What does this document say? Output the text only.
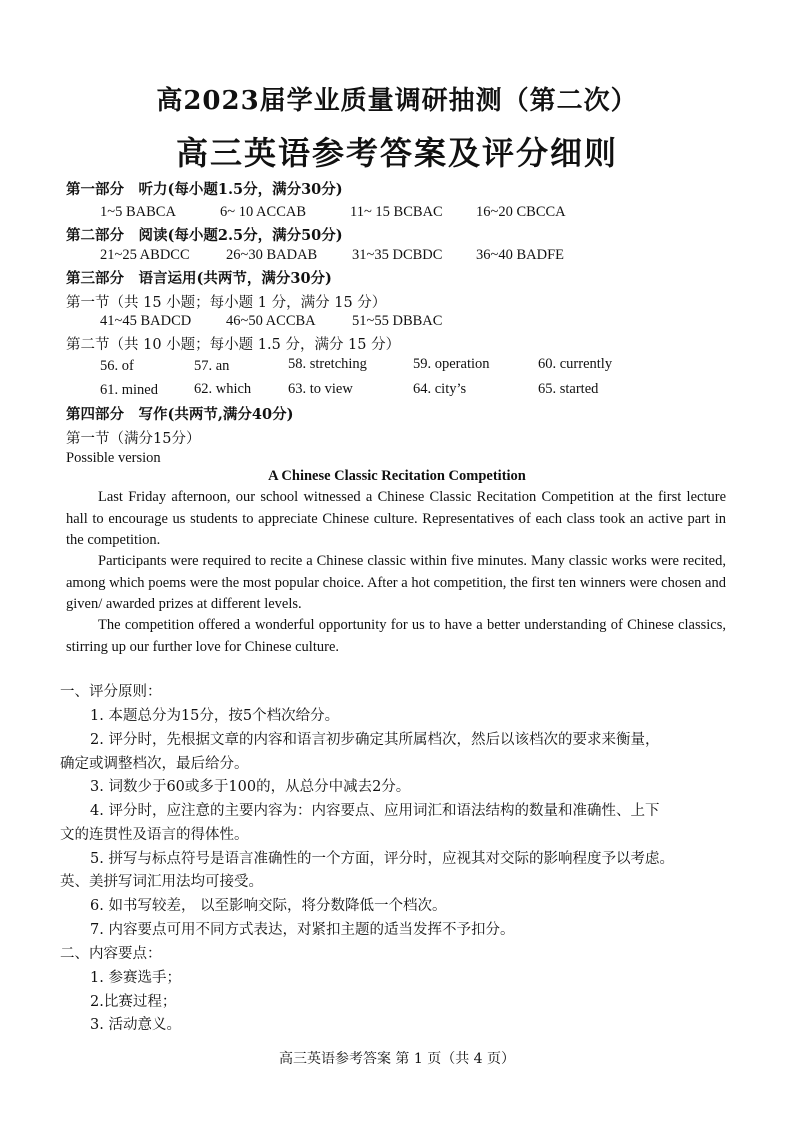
高2023届学业质量调研抽测（第二次）
高三英语参考答案及评分细则
第一部分　听力(每小题1.5分，满分30分)
1~5 BABCA	6~ 10 ACCAB	11~ 15 BCBAC 16~20 CBCCA
第二部分　阅读(每小题2.5分，满分50分)
21~25 ABDCC	26~30 BADAB 31~35 DCBDC 36~40 BADFE
第三部分　语言运用(共两节，满分30分)
第一节（共 15 小题；每小题 1 分，满分 15 分）
41~45 BADCD 46~50 ACCBA	51~55 DBBAC
第二节（共 10 小题；每小题 1.5 分，满分 15 分）
56. of	57. an	58. stretching	59. operation	60. currently
61. mined 62. which	63. to view	64. city’s	65. started
第四部分　写作(共两节,满分40分)
第一节（满分15分）
Possible version
A Chinese Classic Recitation Competition
Last Friday afternoon, our school witnessed a Chinese Classic Recitation Competition at the first lecture hall to encourage us students to appreciate Chinese culture. Representatives of each class took an active part in the competition.
Participants were required to recite a Chinese classic within five minutes. Many classic works were recited, among which poems were the most popular choice. After a hot competition, the first ten winners were chosen and given/ awarded prizes at different levels.
The competition offered a wonderful opportunity for us to have a better understanding of Chinese classics, stirring up our further love for Chinese culture.
一、评分原则：
1. 本题总分为15分，按5个档次给分。
2. 评分时，先根据文章的内容和语言初步确定其所属档次，然后以该档次的要求来衡量，
确定或调整档次，最后给分。
3. 词数少于60或多于100的，从总分中减去2分。
4. 评分时，应注意的主要内容为：内容要点、应用词汇和语法结构的数量和准确性、上下
文的连贯性及语言的得体性。
5. 拼写与标点符号是语言准确性的一个方面，评分时，应视其对交际的影响程度予以考虑。
英、美拼写词汇用法均可接受。
6. 如书写较差， 以至影响交际，将分数降低一个档次。
7. 内容要点可用不同方式表达，对紧扣主题的适当发挥不予扣分。
二、内容要点：
1. 参赛选手；
2.比赛过程；
3. 活动意义。
高三英语参考答案 第 1 页（共 4 页）
